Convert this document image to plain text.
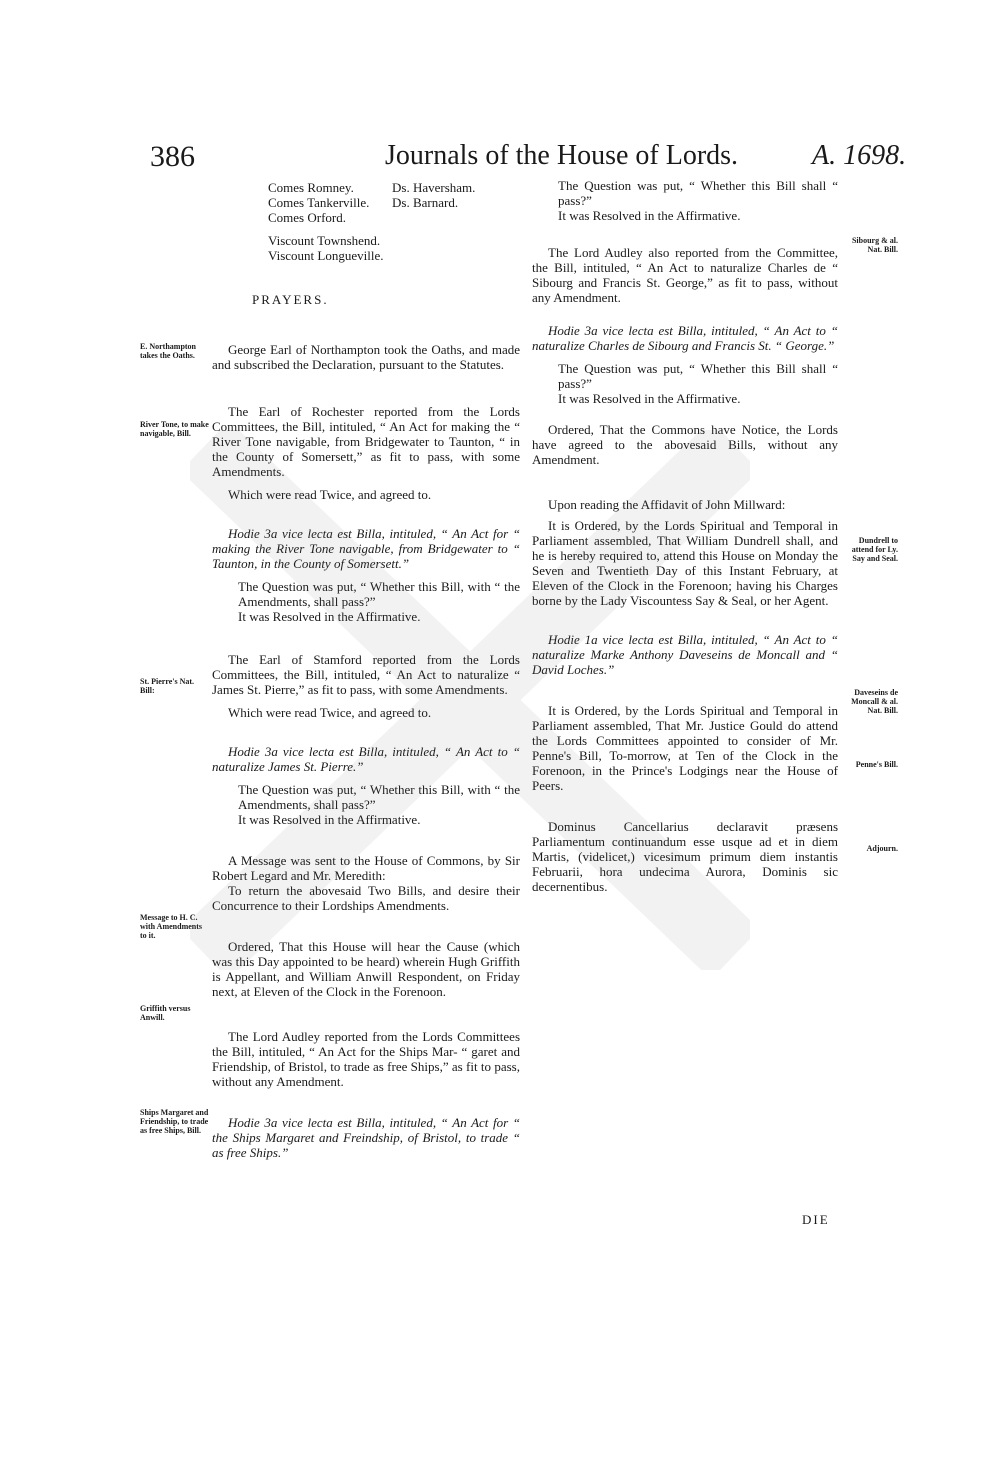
386	Journals of the House of Lords.	A. 1698.
Comes Romney.
Comes Tankerville.
Comes Orford.
Viscount Townshend.
Viscount Longueville.
Ds. Haversham.
Ds. Barnard.
PRAYERS.
E. Northampton takes the Oaths.
River Tone, to make navigable, Bill.
St. Pierre's Nat. Bill:
Message to H. C. with Amendments to it.
Griffith versus Anwill.
Ships Margaret and Friendship, to trade as free Ships, Bill.

George Earl of Northampton took the Oaths, and made and subscribed the Declaration, pursuant to the Statutes.

The Earl of Rochester reported from the Lords Committees, the Bill, intituled, “ An Act for making the “ River Tone navigable, from Bridgewater to Taunton, “ in the County of Somersett,” as fit to pass, with some Amendments.

Which were read Twice, and agreed to.

Hodie 3a vice lecta est Billa, intituled, “ An Act for “ making the River Tone navigable, from Bridgewater to “ Taunton, in the County of Somersett.”

The Question was put, “ Whether this Bill, with “ the Amendments, shall pass?”

It was Resolved in the Affirmative.

The Earl of Stamford reported from the Lords Committees, the Bill, intituled, “ An Act to naturalize “ James St. Pierre,” as fit to pass, with some Amendments.

Which were read Twice, and agreed to.

Hodie 3a vice lecta est Billa, intituled, “ An Act to “ naturalize James St. Pierre.”

The Question was put, “ Whether this Bill, with “ the Amendments, shall pass?”

It was Resolved in the Affirmative.

A Message was sent to the House of Commons, by Sir Robert Legard and Mr. Meredith:

To return the abovesaid Two Bills, and desire their Concurrence to their Lordships Amendments.

Ordered, That this House will hear the Cause (which was this Day appointed to be heard) wherein Hugh Griffith is Appellant, and William Anwill Respondent, on Friday next, at Eleven of the Clock in the Forenoon.

The Lord Audley reported from the Lords Committees the Bill, intituled, “ An Act for the Ships Mar- “ garet and Friendship, of Bristol, to trade as free Ships,” as fit to pass, without any Amendment.

Hodie 3a vice lecta est Billa, intituled, “ An Act for “ the Ships Margaret and Freindship, of Bristol, to trade “ as free Ships.”

Sibourg & al. Nat. Bill.
Dundrell to attend for Ly. Say and Seal.
Daveseins de Moncall & al. Nat. Bill.
Penne's Bill.
Adjourn.

The Question was put, “ Whether this Bill shall “ pass?”

It was Resolved in the Affirmative.

The Lord Audley also reported from the Committee, the Bill, intituled, “ An Act to naturalize Charles de “ Sibourg and Francis St. George,” as fit to pass, without any Amendment.

Hodie 3a vice lecta est Billa, intituled, “ An Act to “ naturalize Charles de Sibourg and Francis St. “ George.”

The Question was put, “ Whether this Bill shall “ pass?”

It was Resolved in the Affirmative.

Ordered, That the Commons have Notice, the Lords have agreed to the abovesaid Bills, without any Amendment.

Upon reading the Affidavit of John Millward:

It is Ordered, by the Lords Spiritual and Temporal in Parliament assembled, That William Dundrell shall, and he is hereby required to, attend this House on Monday the Seven and Twentieth Day of this Instant February, at Eleven of the Clock in the Forenoon; having his Charges borne by the Lady Viscountess Say & Seal, or her Agent.

Hodie 1a vice lecta est Billa, intituled, “ An Act to “ naturalize Marke Anthony Daveseins de Moncall and “ David Loches.”

It is Ordered, by the Lords Spiritual and Temporal in Parliament assembled, That Mr. Justice Gould do attend the Lords Committees appointed to consider of Mr. Penne's Bill, To-morrow, at Ten of the Clock in the Forenoon, in the Prince's Lodgings near the House of Peers.

Dominus Cancellarius declaravit præsens Parliamentum continuandum esse usque ad et in diem Martis, (videlicet,) vicesimum primum diem instantis Februarii, hora undecima Aurora, Dominis sic decernentibus.

DIE
